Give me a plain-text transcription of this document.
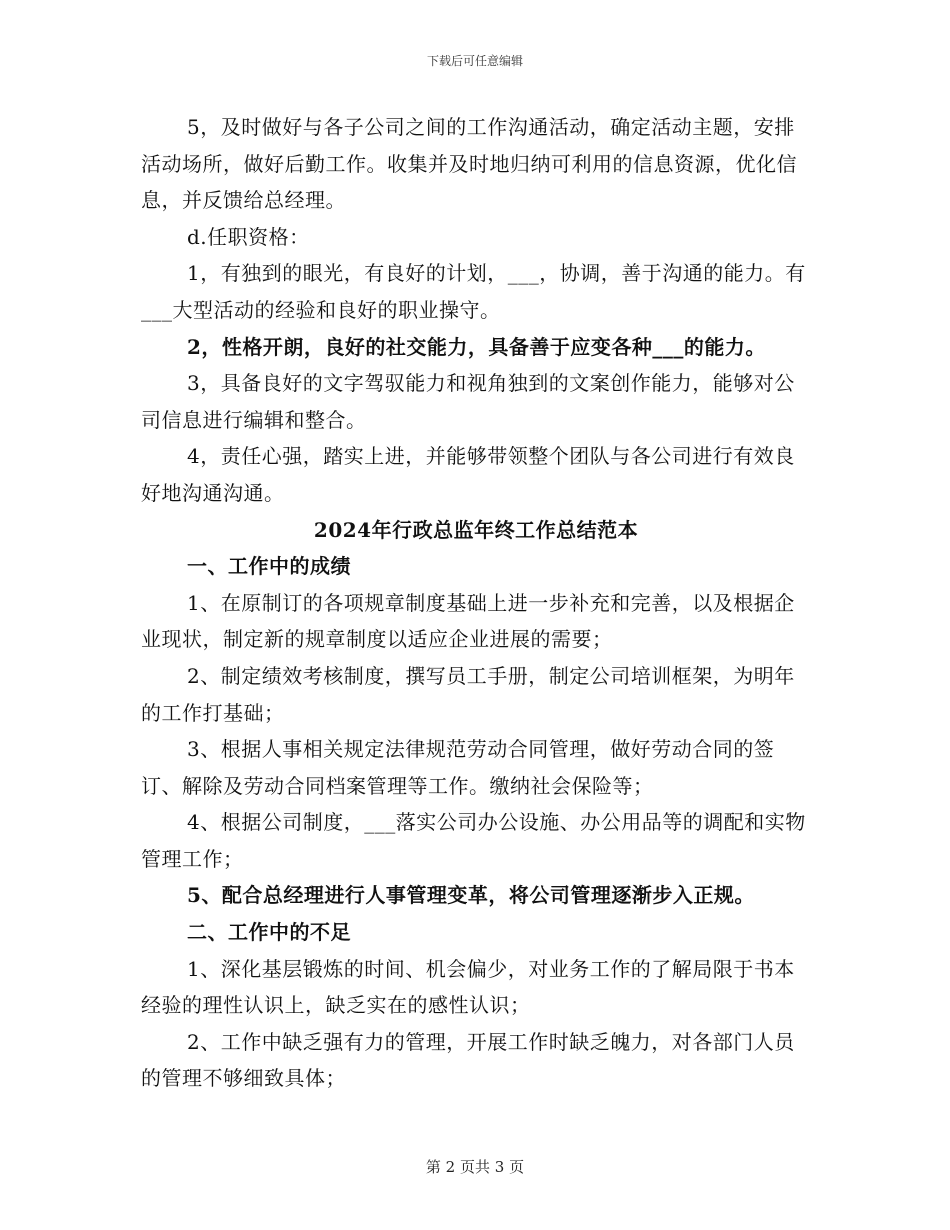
下载后可任意编辑

5，及时做好与各子公司之间的工作沟通活动，确定活动主题，安排活动场所，做好后勤工作。收集并及时地归纳可利用的信息资源，优化信息，并反馈给总经理。

d.任职资格：

1，有独到的眼光，有良好的计划，___，协调，善于沟通的能力。有___大型活动的经验和良好的职业操守。

2，性格开朗，良好的社交能力，具备善于应变各种___的能力。

3，具备良好的文字驾驭能力和视角独到的文案创作能力，能够对公司信息进行编辑和整合。

4，责任心强，踏实上进，并能够带领整个团队与各公司进行有效良好地沟通沟通。

2024年行政总监年终工作总结范本

一、工作中的成绩

1、在原制订的各项规章制度基础上进一步补充和完善，以及根据企业现状，制定新的规章制度以适应企业进展的需要；

2、制定绩效考核制度，撰写员工手册，制定公司培训框架，为明年的工作打基础；

3、根据人事相关规定法律规范劳动合同管理，做好劳动合同的签订、解除及劳动合同档案管理等工作。缴纳社会保险等；

4、根据公司制度，___落实公司办公设施、办公用品等的调配和实物管理工作；

5、配合总经理进行人事管理变革，将公司管理逐渐步入正规。

二、工作中的不足

1、深化基层锻炼的时间、机会偏少，对业务工作的了解局限于书本经验的理性认识上，缺乏实在的感性认识；

2、工作中缺乏强有力的管理，开展工作时缺乏魄力，对各部门人员的管理不够细致具体；

第 2 页共 3 页
